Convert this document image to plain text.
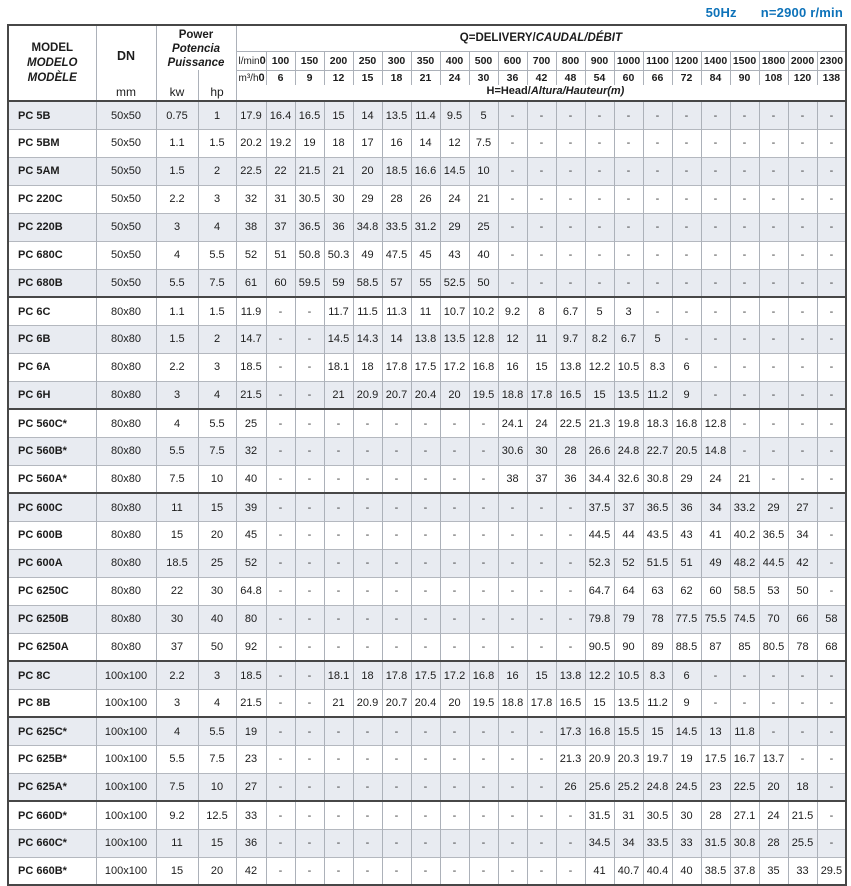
50Hz n=2900 r/min
MODEL
MODELO
MODÈLE
	DN	
Power
Potencia
Puissance
	Q=DELIVERY/CAUDAL/DÉBIT

				l/min 0	100	150	200	250	300	350	400	500	600	700	800	900	1000	1100	1200	1400	1500	1800	2000	2300
		kw	hp	m³/h 0	6	9	12	15	18	21	24	30	36	42	48	54	60	66	72	84	90	108	120	138
	mm			H=Head/Altura/Hauteur(m)																				
PC 5B	50x50	0.75	1	17.9	16.4	16.5	15	14	13.5	11.4	9.5	5	-	-	-	-	-	-	-	-	-	-	-	-
PC 5BM	50x50	1.1	1.5	20.2	19.2	19	18	17	16	14	12	7.5	-	-	-	-	-	-	-	-	-	-	-	-
PC 5AM	50x50	1.5	2	22.5	22	21.5	21	20	18.5	16.6	14.5	10	-	-	-	-	-	-	-	-	-	-	-	-
PC 220C	50x50	2.2	3	32	31	30.5	30	29	28	26	24	21	-	-	-	-	-	-	-	-	-	-	-	-
PC 220B	50x50	3	4	38	37	36.5	36	34.8	33.5	31.2	29	25	-	-	-	-	-	-	-	-	-	-	-	-
PC 680C	50x50	4	5.5	52	51	50.8	50.3	49	47.5	45	43	40	-	-	-	-	-	-	-	-	-	-	-	-
PC 680B	50x50	5.5	7.5	61	60	59.5	59	58.5	57	55	52.5	50	-	-	-	-	-	-	-	-	-	-	-	-
PC 6C	80x80	1.1	1.5	11.9	-	-	11.7	11.5	11.3	11	10.7	10.2	9.2	8	6.7	5	3	-	-	-	-	-	-	-
PC 6B	80x80	1.5	2	14.7	-	-	14.5	14.3	14	13.8	13.5	12.8	12	11	9.7	8.2	6.7	5	-	-	-	-	-	-
PC 6A	80x80	2.2	3	18.5	-	-	18.1	18	17.8	17.5	17.2	16.8	16	15	13.8	12.2	10.5	8.3	6	-	-	-	-	-
PC 6H	80x80	3	4	21.5	-	-	21	20.9	20.7	20.4	20	19.5	18.8	17.8	16.5	15	13.5	11.2	9	-	-	-	-	-
PC 560C*	80x80	4	5.5	25	-	-	-	-	-	-	-	-	24.1	24	22.5	21.3	19.8	18.3	16.8	12.8	-	-	-	-
PC 560B*	80x80	5.5	7.5	32	-	-	-	-	-	-	-	-	30.6	30	28	26.6	24.8	22.7	20.5	14.8	-	-	-	-
PC 560A*	80x80	7.5	10	40	-	-	-	-	-	-	-	-	38	37	36	34.4	32.6	30.8	29	24	21	-	-	-
PC 600C	80x80	11	15	39	-	-	-	-	-	-	-	-	-	-	-	37.5	37	36.5	36	34	33.2	29	27	-
PC 600B	80x80	15	20	45	-	-	-	-	-	-	-	-	-	-	-	44.5	44	43.5	43	41	40.2	36.5	34	-
PC 600A	80x80	18.5	25	52	-	-	-	-	-	-	-	-	-	-	-	52.3	52	51.5	51	49	48.2	44.5	42	-
PC 6250C	80x80	22	30	64.8	-	-	-	-	-	-	-	-	-	-	-	64.7	64	63	62	60	58.5	53	50	-
PC 6250B	80x80	30	40	80	-	-	-	-	-	-	-	-	-	-	-	79.8	79	78	77.5	75.5	74.5	70	66	58
PC 6250A	80x80	37	50	92	-	-	-	-	-	-	-	-	-	-	-	90.5	90	89	88.5	87	85	80.5	78	68
PC 8C	100x100	2.2	3	18.5	-	-	18.1	18	17.8	17.5	17.2	16.8	16	15	13.8	12.2	10.5	8.3	6	-	-	-	-	-
PC 8B	100x100	3	4	21.5	-	-	21	20.9	20.7	20.4	20	19.5	18.8	17.8	16.5	15	13.5	11.2	9	-	-	-	-	-
PC 625C*	100x100	4	5.5	19	-	-	-	-	-	-	-	-	-	-	17.3	16.8	15.5	15	14.5	13	11.8	-	-	-
PC 625B*	100x100	5.5	7.5	23	-	-	-	-	-	-	-	-	-	-	21.3	20.9	20.3	19.7	19	17.5	16.7	13.7	-	-
PC 625A*	100x100	7.5	10	27	-	-	-	-	-	-	-	-	-	-	26	25.6	25.2	24.8	24.5	23	22.5	20	18	-
PC 660D*	100x100	9.2	12.5	33	-	-	-	-	-	-	-	-	-	-	-	31.5	31	30.5	30	28	27.1	24	21.5	-
PC 660C*	100x100	11	15	36	-	-	-	-	-	-	-	-	-	-	-	34.5	34	33.5	33	31.5	30.8	28	25.5	-
PC 660B*	100x100	15	20	42	-	-	-	-	-	-	-	-	-	-	-	41	40.7	40.4	40	38.5	37.8	35	33	29.5
